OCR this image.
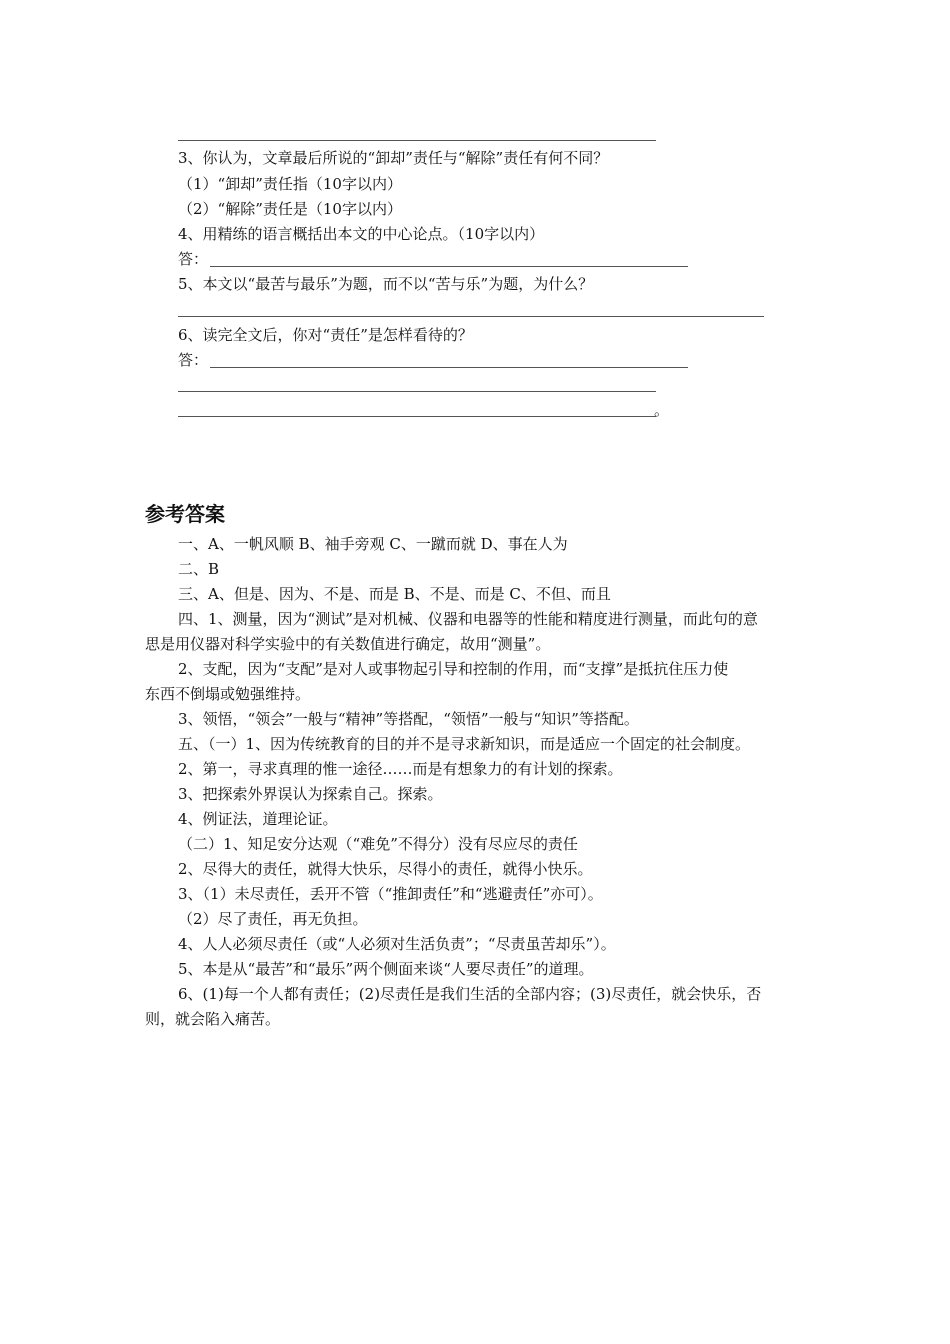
3、你认为，文章最后所说的“卸却”责任与“解除”责任有何不同？
（1）“卸却”责任指（10字以内）
（2）“解除”责任是（10字以内）
4、用精练的语言概括出本文的中心论点。（10字以内）
答：
5、本文以“最苦与最乐”为题，而不以“苦与乐”为题，为什么？
6、读完全文后，你对“责任”是怎样看待的？
答：
。
参考答案
一、A、一帆风顺 B、袖手旁观 C、一蹴而就 D、事在人为
二、B
三、A、但是、因为、不是、而是 B、不是、而是 C、不但、而且
四、1、测量，因为“测试”是对机械、仪器和电器等的性能和精度进行测量，而此句的意
思是用仪器对科学实验中的有关数值进行确定，故用“测量”。
2、支配，因为“支配”是对人或事物起引导和控制的作用，而“支撑”是抵抗住压力使
东西不倒塌或勉强维持。
3、领悟，“领会”一般与“精神”等搭配，“领悟”一般与“知识”等搭配。
五、（一）1、因为传统教育的目的并不是寻求新知识，而是适应一个固定的社会制度。
2、第一，寻求真理的惟一途径……而是有想象力的有计划的探索。
3、把探索外界误认为探索自己。探索。
4、例证法，道理论证。
（二）1、知足安分达观（“难免”不得分）没有尽应尽的责任
2、尽得大的责任，就得大快乐，尽得小的责任，就得小快乐。
3、（1）未尽责任，丢开不管（“推卸责任”和“逃避责任”亦可）。
（2）尽了责任，再无负担。
4、人人必须尽责任（或“人必须对生活负责”；“尽责虽苦却乐”）。
5、本是从“最苦”和“最乐”两个侧面来谈“人要尽责任”的道理。
6、(1)每一个人都有责任；(2)尽责任是我们生活的全部内容；(3)尽责任，就会快乐，否
则，就会陷入痛苦。
